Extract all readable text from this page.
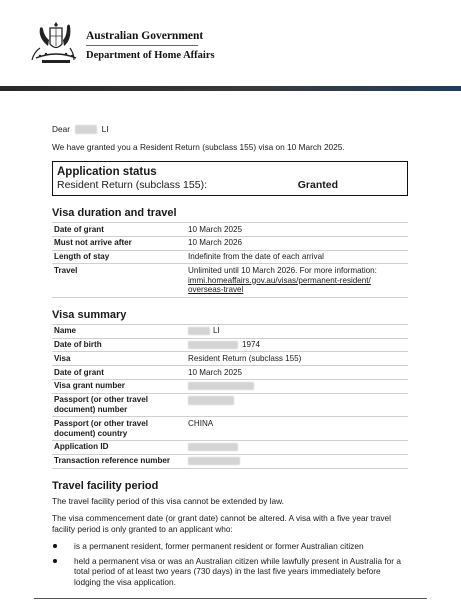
Australian Government
Department of Home Affairs

Dear	LI

We have granted you a Resident Return (subclass 155) visa on 10 March 2025.

Application status
Resident Return (subclass 155):	Granted
Visa duration and travel
Date of grant	10 March 2025
Must not arrive after	10 March 2026
Length of stay	Indefinite from the date of each arrival
Travel	Unlimited until 10 March 2026. For more information:
immi.homeaffairs.gov.au/visas/permanent-resident/
overseas-travel
Visa summary
Name	LI
Date of birth	1974
Visa	Resident Return (subclass 155)
Date of grant	10 March 2025
Visa grant number	
Passport (or other travel document) number	
Passport (or other travel document) country	CHINA
Application ID	
Transaction reference number	
Travel facility period
The travel facility period of this visa cannot be extended by law.
The visa commencement date (or grant date) cannot be altered. A visa with a five year travel facility period is only granted to an applicant who:
is a permanent resident, former permanent resident or former Australian citizen
held a permanent visa or was an Australian citizen while lawfully present in Australia for a total period of at least two years (730 days) in the last five years immediately before lodging the visa application.
